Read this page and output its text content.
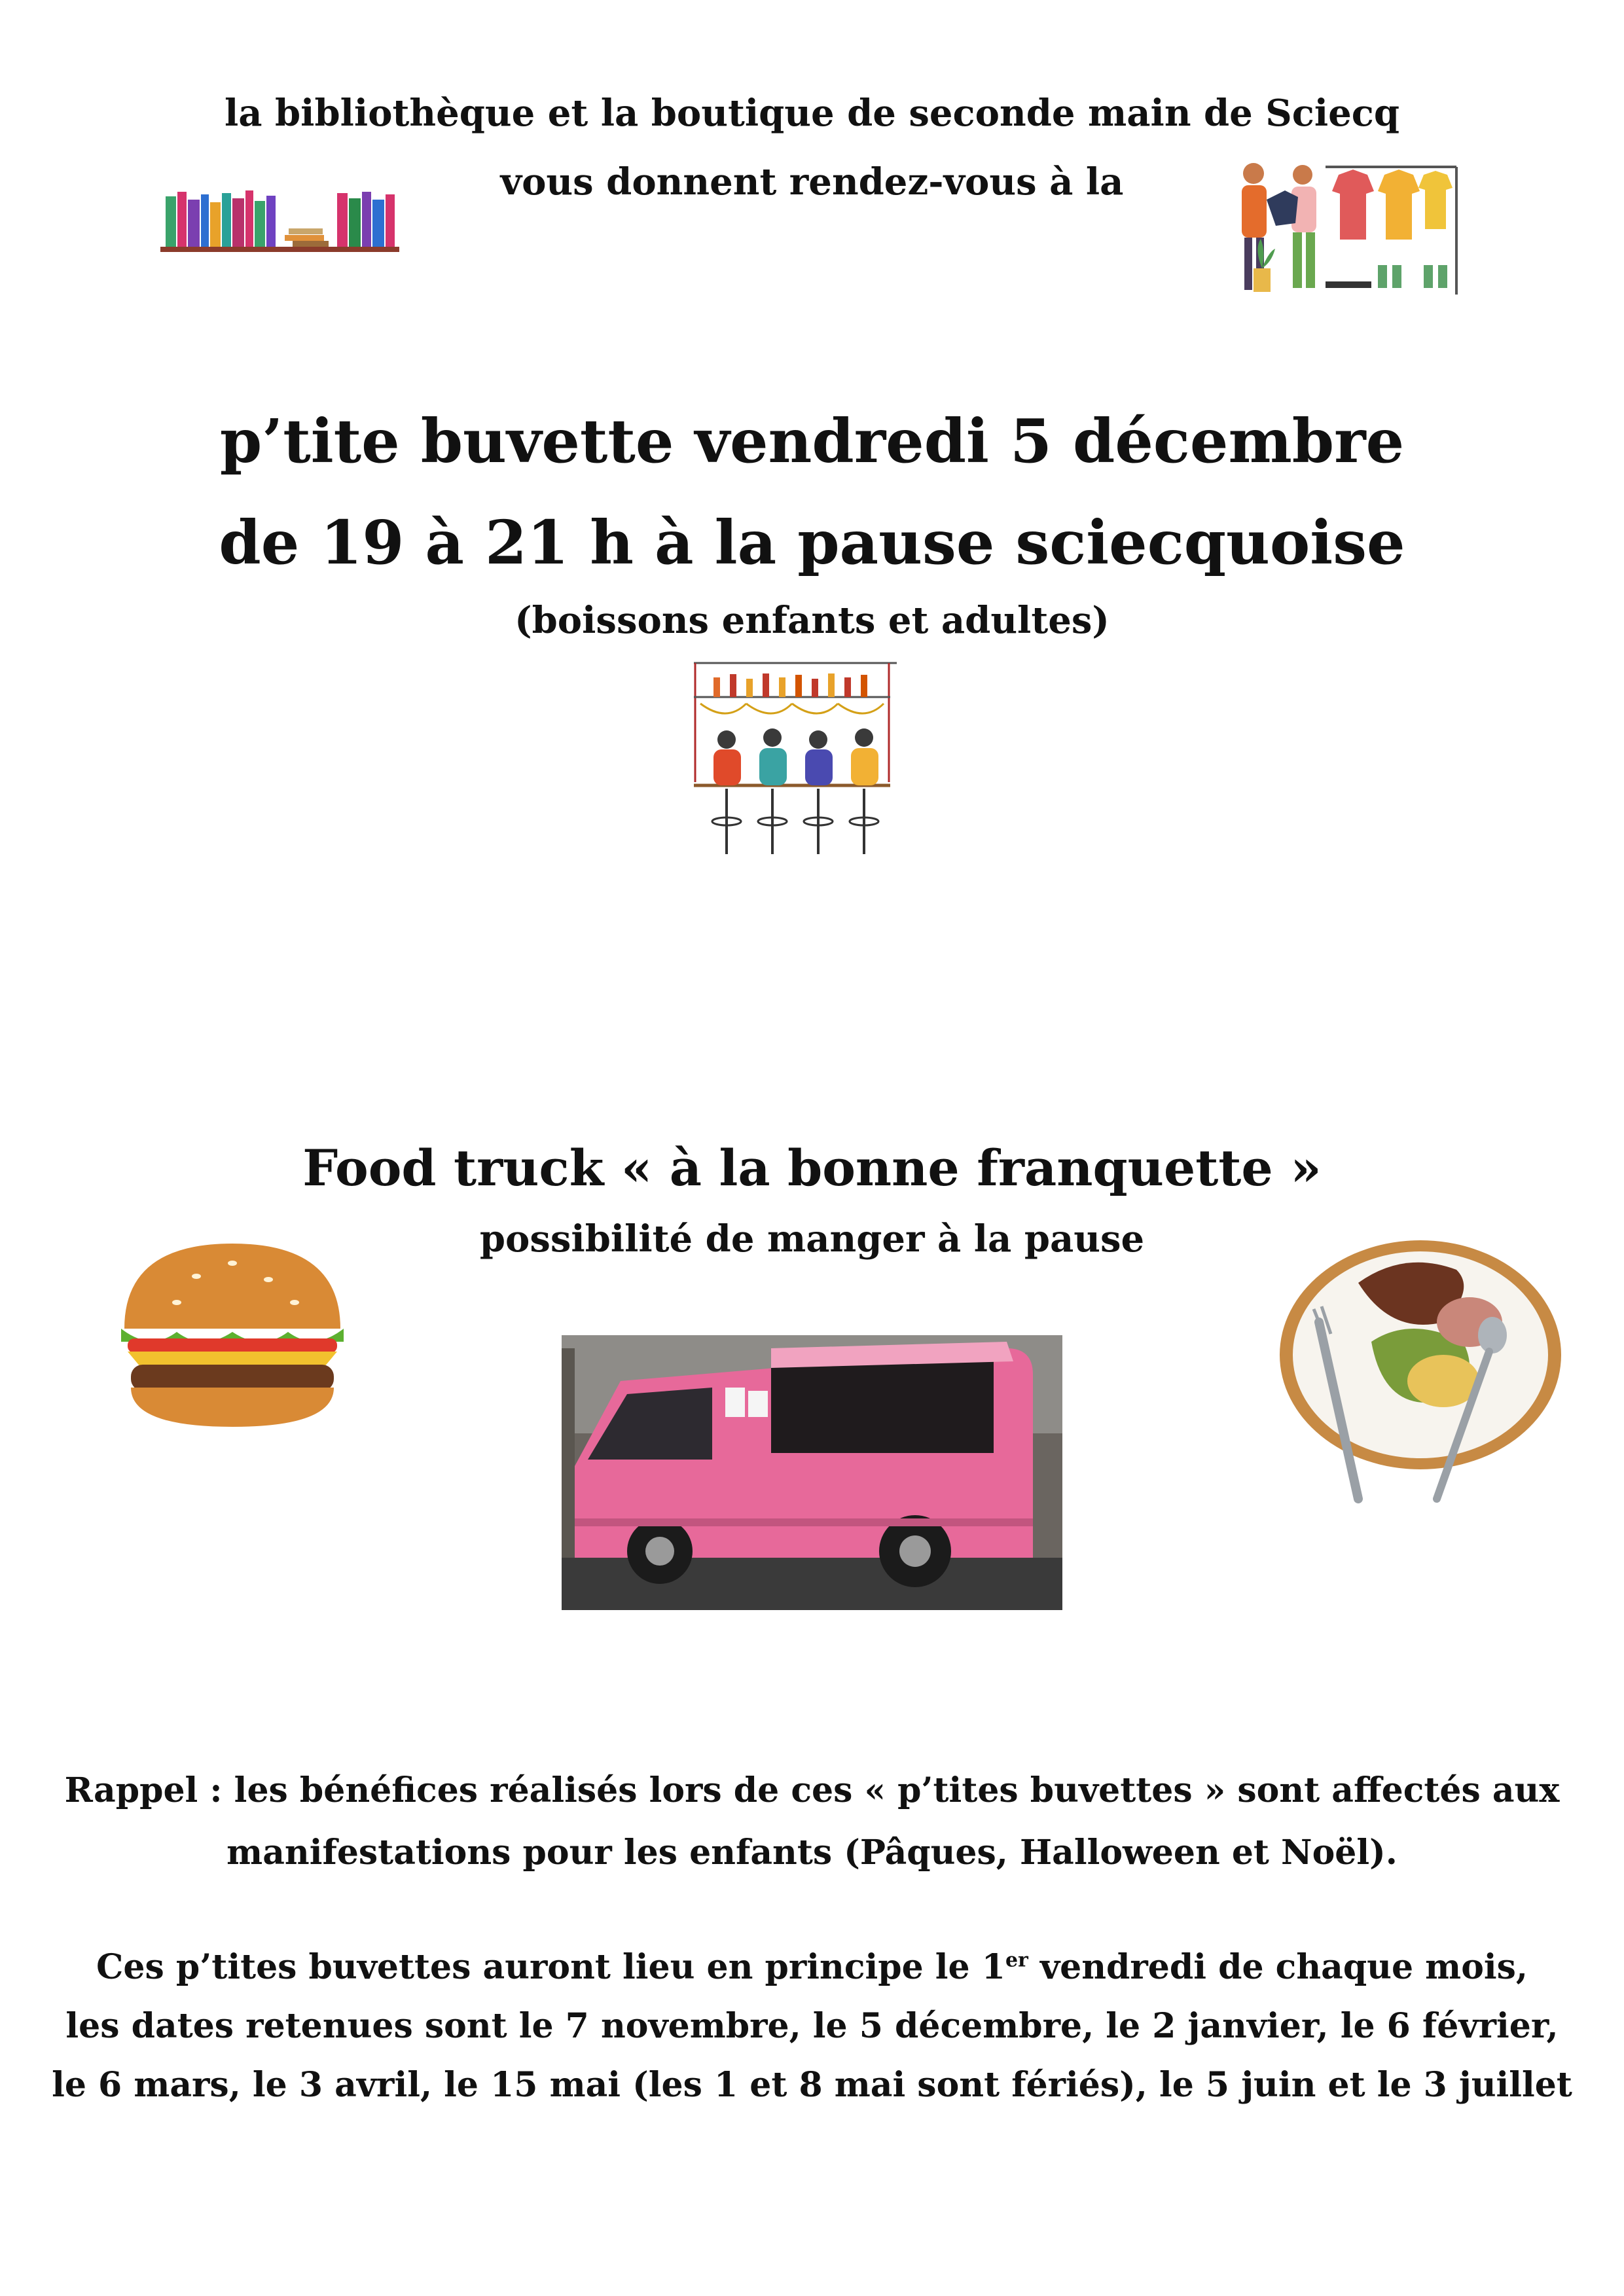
la bibliothèque et la boutique de seconde main de Sciecq
vous donnent rendez-vous à la
p’tite buvette vendredi 5 décembre
de 19 à 21 h à la pause sciecquoise
(boissons enfants et adultes)
Food truck « à la bonne franquette »
possibilité de manger à la pause
Rappel : les bénéfices réalisés lors de ces « p’tites buvettes » sont affectés aux
manifestations pour les enfants (Pâques, Halloween et Noël).
Ces p’tites buvettes auront lieu en principe le 1er vendredi de chaque mois,
les dates retenues sont le 7 novembre, le 5 décembre, le 2 janvier, le 6 février,
le 6 mars, le 3 avril, le 15 mai (les 1 et 8 mai sont fériés), le 5 juin et le 3 juillet
